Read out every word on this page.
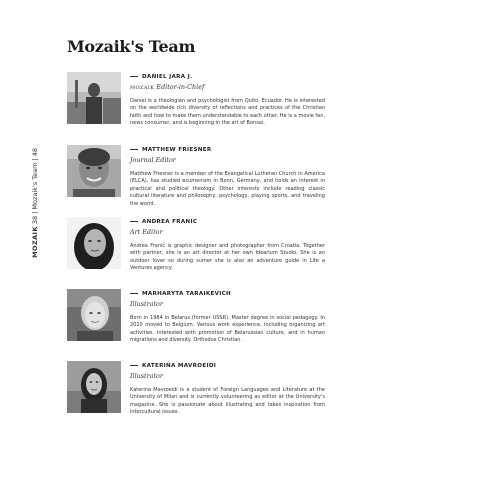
Mozaik's Team
MOZAIK 38 | Mozaik's Team | 48
DANIEL JARA J.
MOZAIK Editor-in-Chief
Daniel is a theologian and psychologist from Quito, Ecuador. He is interested on the worldwide rich diversity of reflections and practices of the Christian faith and how to make them understandable to each other. He is a movie fan, news consumer, and is beginning in the art of Bonsai.
MATTHEW FRIESNER
Journal Editor
Matthew Friesner is a member of the Evangelical Lutheran Church in America (ELCA), has studied ecumenism in Bonn, Germany, and holds an interest in practical and political theology. Other interests include reading classic cultural literature and philosophy, psychology, playing sports, and traveling the world.
ANDREA FRANIC
Art Editor
Andrea Franic is graphic designer and photographer from Croatia. Together with partner, she is an art director at her own Idearium Studio. She is an outdoor lover so during sumer she is also an adventure guide in Life a Ventures agency.
MARHARYTA TARAIKEVICH
Illustrator
Born in 1984 in Belarus (former USSR). Master degree in social pedagogy. In 2010 moved to Belgium. Various work experience, including organizing art activities. Interested with promotion of Belarussian culture, and in human migrations and diversity. Orthodox Christian.
KATERINA MAVROEIDI
Illustrator
Katerina Mavroeidi is a student of Foreign Languages and Literature at the University of Milan and is currently volunteering as editor at the University's magazine. She is passionate about illustrating and takes inspiration from intercultural issues.
